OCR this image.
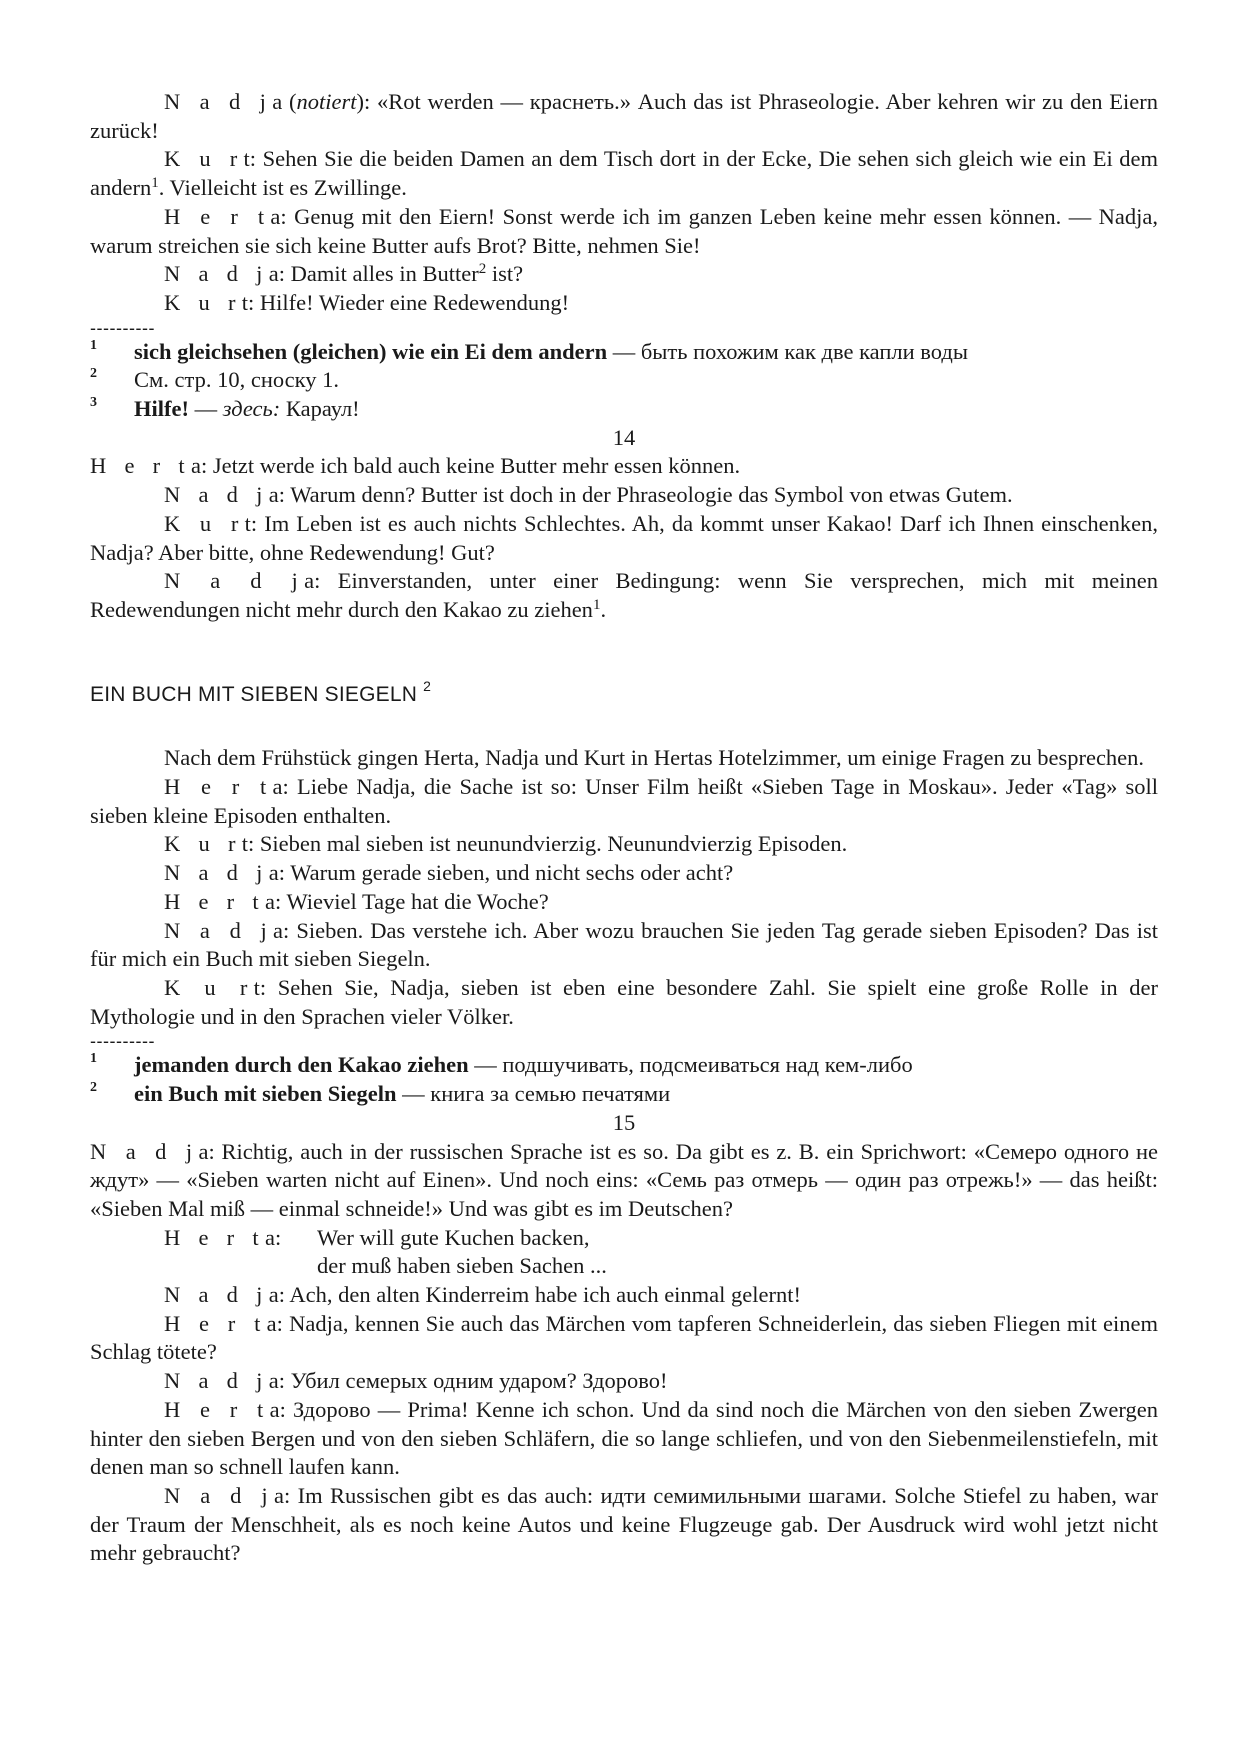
N a d ja (notiert): «Rot werden — краснеть.» Auch das ist Phraseologie. Aber kehren wir zu den Eiern zurück!

K u rt: Sehen Sie die beiden Damen an dem Tisch dort in der Ecke, Die sehen sich gleich wie ein Ei dem andern$^1$. Vielleicht ist es Zwillinge.

H e r ta: Genug mit den Eiern! Sonst werde ich im ganzen Leben keine mehr essen können. — Nadja, warum streichen sie sich keine Butter aufs Brot? Bitte, nehmen Sie!

N a d ja: Damit alles in Butter$^2$ ist?

K u rt: Hilfe! Wieder eine Redewendung!

----------

1 sich gleichsehen (gleichen) wie ein Ei dem andern — быть похожим как две капли воды

2 См. стр. 10, сноску 1.

3 Hilfe! — здесь: Караул!

14

H e r ta: Jetzt werde ich bald auch keine Butter mehr essen können.

N a d ja: Warum denn? Butter ist doch in der Phraseologie das Symbol von etwas Gutem.

K u rt: Im Leben ist es auch nichts Schlechtes. Ah, da kommt unser Kakao! Darf ich Ihnen einschenken, Nadja? Aber bitte, ohne Redewendung! Gut?

N a d ja: Einverstanden, unter einer Bedingung: wenn Sie versprechen, mich mit meinen Redewendungen nicht mehr durch den Kakao zu ziehen$^1$.

EIN BUCH MIT SIEBEN SIEGELN $^2$

Nach dem Frühstück gingen Herta, Nadja und Kurt in Hertas Hotelzimmer, um einige Fragen zu besprechen.

H e r ta: Liebe Nadja, die Sache ist so: Unser Film heißt «Sieben Tage in Moskau». Jeder «Tag» soll sieben kleine Episoden enthalten.

K u rt: Sieben mal sieben ist neunundvierzig. Neunundvierzig Episoden.

N a d ja: Warum gerade sieben, und nicht sechs oder acht?

H e r ta: Wieviel Tage hat die Woche?

N a d ja: Sieben. Das verstehe ich. Aber wozu brauchen Sie jeden Tag gerade sieben Episoden? Das ist für mich ein Buch mit sieben Siegeln.

K u rt: Sehen Sie, Nadja, sieben ist eben eine besondere Zahl. Sie spielt eine große Rolle in der Mythologie und in den Sprachen vieler Völker.

----------

1 jemanden durch den Kakao ziehen — подшучивать, подсмеиваться над кем-либо

2 ein Buch mit sieben Siegeln — книга за семью печатями

15

N a d ja: Richtig, auch in der russischen Sprache ist es so. Da gibt es z. B. ein Sprichwort: «Семеро одного не ждут» — «Sieben warten nicht auf Einen». Und noch eins: «Семь раз отмерь — один раз отрежь!» — das heißt: «Sieben Mal miß — einmal schneide!» Und was gibt es im Deutschen?

H e r ta:	Wer will gute Kuchen backen,
der muß haben sieben Sachen ...

N a d ja: Ach, den alten Kinderreim habe ich auch einmal gelernt!

H e r ta: Nadja, kennen Sie auch das Märchen vom tapferen Schneiderlein, das sieben Fliegen mit einem Schlag tötete?

N a d ja: Убил семерых одним ударом? Здорово!

H e r ta: Здорово — Prima! Kenne ich schon. Und da sind noch die Märchen von den sieben Zwergen hinter den sieben Bergen und von den sieben Schläfern, die so lange schliefen, und von den Siebenmeilenstiefeln, mit denen man so schnell laufen kann.

N a d ja: Im Russischen gibt es das auch: идти семимильными шагами. Solche Stiefel zu haben, war der Traum der Menschheit, als es noch keine Autos und keine Flugzeuge gab. Der Ausdruck wird wohl jetzt nicht mehr gebraucht?
